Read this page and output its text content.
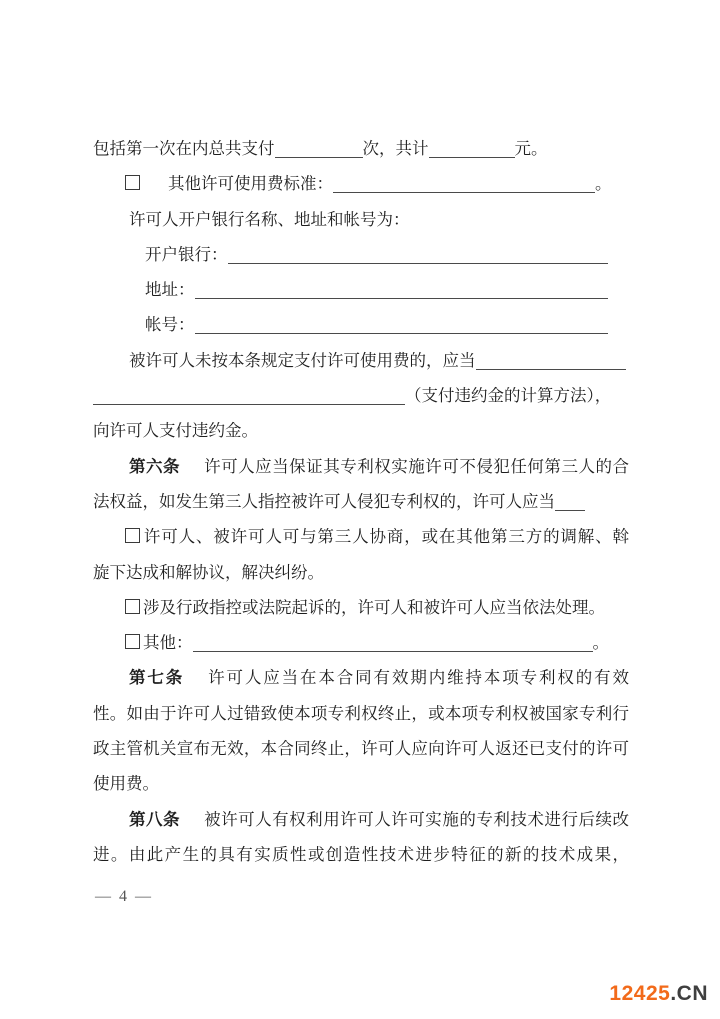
包括第一次在内总共支付	次，共计	元。
其他许可使用费标准：	。
许可人开户银行名称、地址和帐号为：
开户银行：
地址：
帐号：
被许可人未按本条规定支付许可使用费的，应当
（支付违约金的计算方法），
向许可人支付违约金。
第六条 许可人应当保证其专利权实施许可不侵犯任何第三人的合
法权益，如发生第三人指控被许可人侵犯专利权的，许可人应当
许可人、被许可人可与第三人协商，或在其他第三方的调解、斡
旋下达成和解协议，解决纠纷。
涉及行政指控或法院起诉的，许可人和被许可人应当依法处理。
其他：	。
第七条 许可人应当在本合同有效期内维持本项专利权的有效
性。如由于许可人过错致使本项专利权终止，或本项专利权被国家专利行
政主管机关宣布无效，本合同终止，许可人应向许可人返还已支付的许可
使用费。
第八条 被许可人有权利用许可人许可实施的专利技术进行后续改
进。由此产生的具有实质性或创造性技术进步特征的新的技术成果，
— 4 —
12425.CN
